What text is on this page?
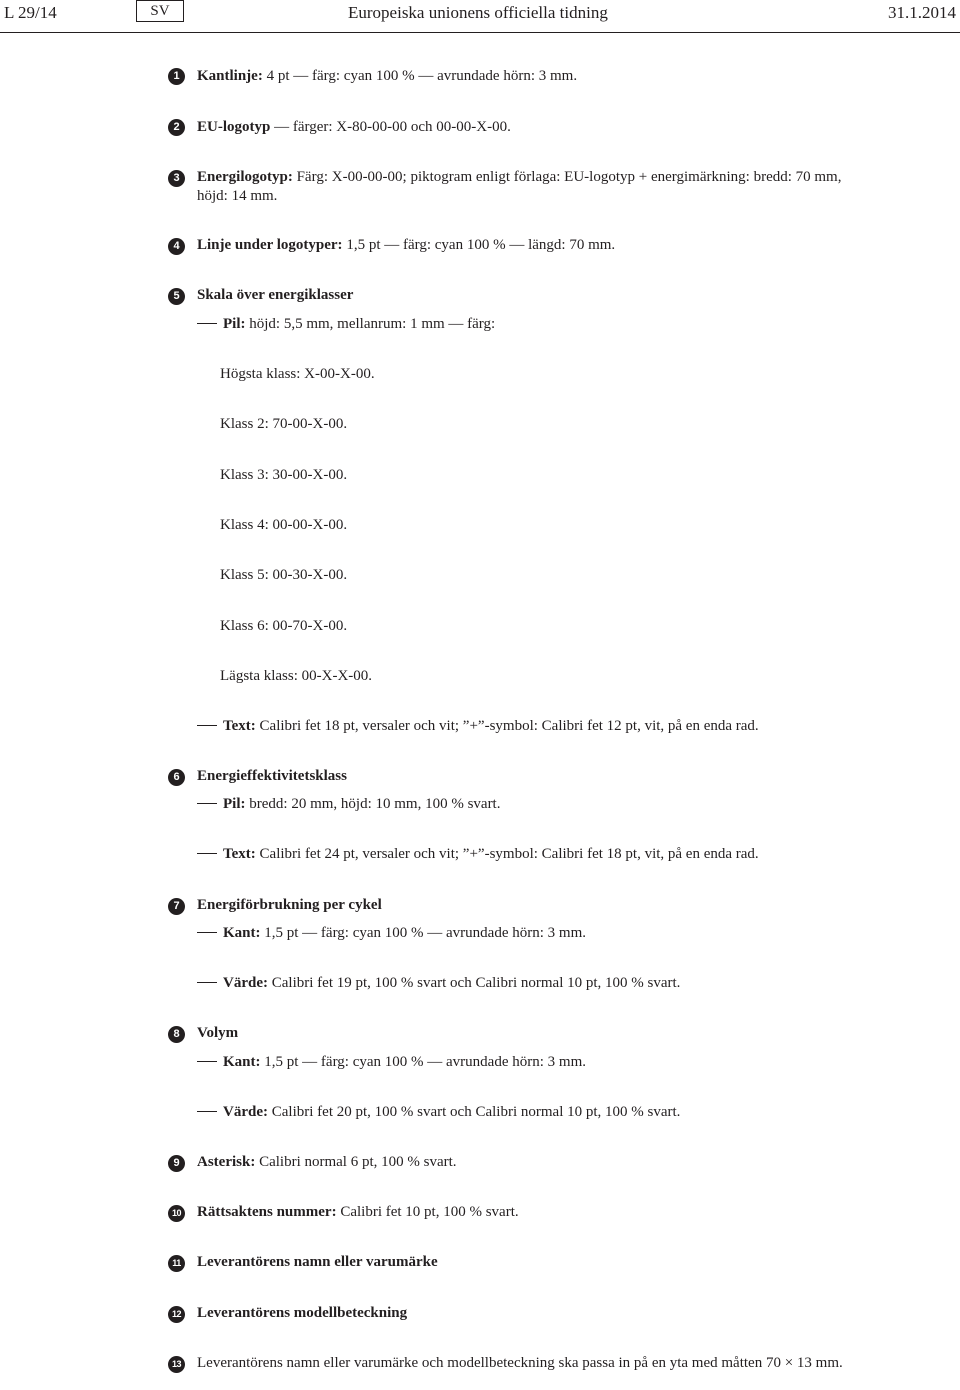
L 29/14	SV	Europeiska unionens officiella tidning	31.1.2014
1	Kantlinje: 4 pt — färg: cyan 100 % — avrundade hörn: 3 mm.
2	EU-logotyp — färger: X-80-00-00 och 00-00-X-00.
3	Energilogotyp: Färg: X-00-00-00; piktogram enligt förlaga: EU-logotyp + energimärkning: bredd: 70 mm, höjd: 14 mm.
4	Linje under logotyper: 1,5 pt — färg: cyan 100 % — längd: 70 mm.
5	Skala över energiklasser
Pil: höjd: 5,5 mm, mellanrum: 1 mm — färg:
Högsta klass: X-00-X-00.
Klass 2: 70-00-X-00.
Klass 3: 30-00-X-00.
Klass 4: 00-00-X-00.
Klass 5: 00-30-X-00.
Klass 6: 00-70-X-00.
Lägsta klass: 00-X-X-00.
Text: Calibri fet 18 pt, versaler och vit; ”+”-symbol: Calibri fet 12 pt, vit, på en enda rad.
6	Energieffektivitetsklass
Pil: bredd: 20 mm, höjd: 10 mm, 100 % svart.
Text: Calibri fet 24 pt, versaler och vit; ”+”-symbol: Calibri fet 18 pt, vit, på en enda rad.
7	Energiförbrukning per cykel
Kant: 1,5 pt — färg: cyan 100 % — avrundade hörn: 3 mm.
Värde: Calibri fet 19 pt, 100 % svart och Calibri normal 10 pt, 100 % svart.
8	Volym
Kant: 1,5 pt — färg: cyan 100 % — avrundade hörn: 3 mm.
Värde: Calibri fet 20 pt, 100 % svart och Calibri normal 10 pt, 100 % svart.
9	Asterisk: Calibri normal 6 pt, 100 % svart.
10 Rättsaktens nummer: Calibri fet 10 pt, 100 % svart.
11 Leverantörens namn eller varumärke
12 Leverantörens modellbeteckning
13 Leverantörens namn eller varumärke och modellbeteckning ska passa in på en yta med måtten 70 × 13 mm.
